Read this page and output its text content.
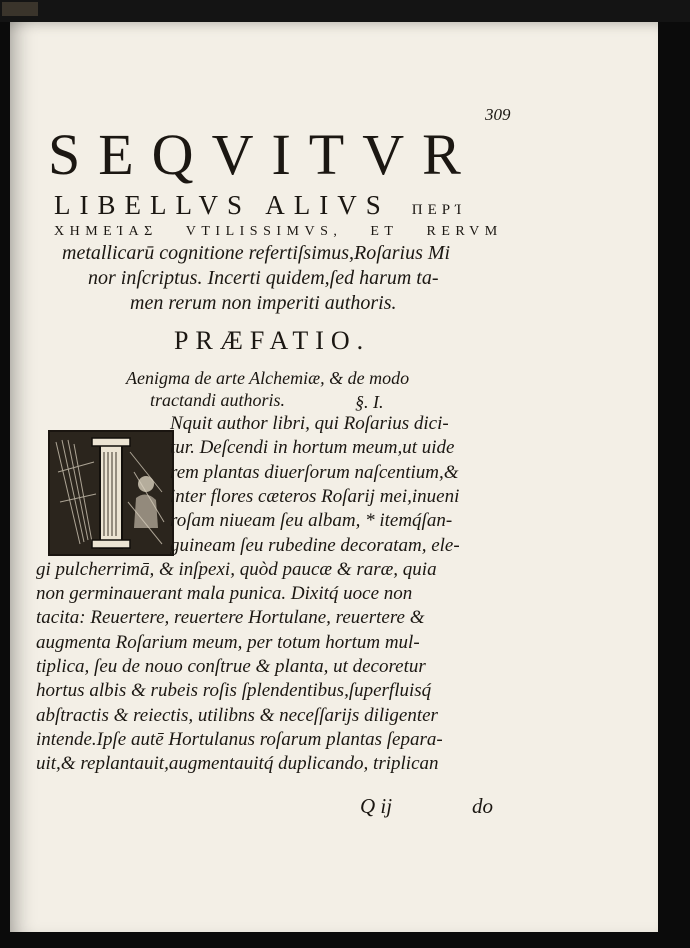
309
SEQVITVR
LIBELLVS ALIVS ΠΕΡΊ
ΧΗΜΕΊΑΣ VTILISSIMVS, ET RERVM
metallicarū cognitione refertiſsimus,Roſarius Mi
nor inſcriptus. Incerti quidem,ſed harum ta-
men rerum non imperiti authoris.
PRÆFATIO.
Aenigma de arte Alchemiæ, & de modo
tractandi authoris.	§. I.
Nquit author libri, qui Roſarius dici-
tur. Deſcendi in hortum meum,ut uide
rem plantas diuerſorum naſcentium,&
inter flores cæteros Roſarij mei,inueni
roſam niueam ſeu albam, * itemq́ſan-
guineam ſeu rubedine decoratam, ele-
gi pulcherrimā, & inſpexi, quòd paucæ & raræ, quia
non germinauerant mala punica. Dixitq́ uoce non
tacita: Reuertere, reuertere Hortulane, reuertere &
augmenta Roſarium meum, per totum hortum mul-
tiplica, ſeu de nouo conſtrue & planta, ut decoretur
hortus albis & rubeis roſis ſplendentibus,ſuperfluisq́
abſtractis & reiectis, utilibns & neceſſarijs diligenter
intende.Ipſe autē Hortulanus roſarum plantas ſepara-
uit,& replantauit,augmentauitq́ duplicando, triplican
Q ij	do
